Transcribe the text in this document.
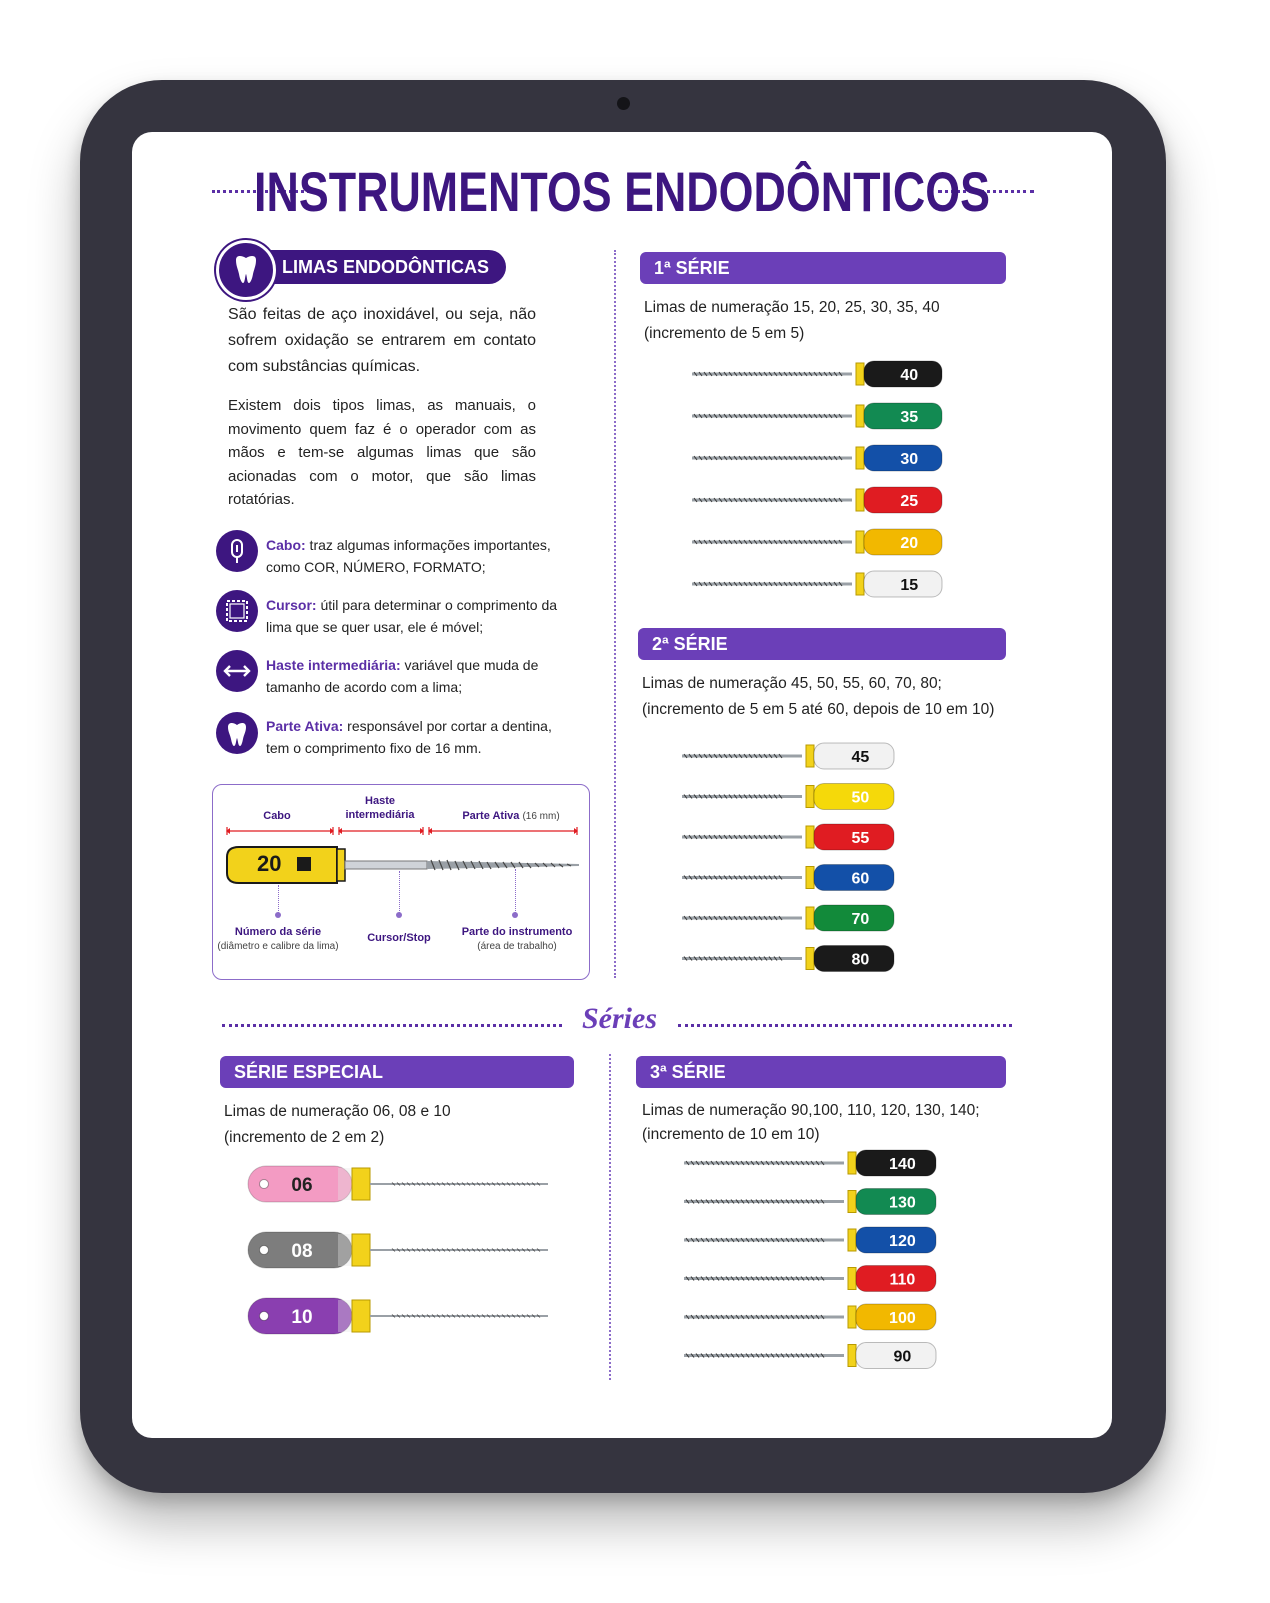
INSTRUMENTOS ENDODÔNTICOS
LIMAS ENDODÔNTICAS
São feitas de aço inoxidável, ou seja, não sofrem oxidação se entrarem em contato com substâncias químicas.
Existem dois tipos limas, as manuais, o movimento quem faz é o operador com as mãos e tem-se algumas limas que são acionadas com o motor, que são limas rotatórias.
Cabo: traz algumas informações importantes, como COR, NÚMERO, FORMATO;
Cursor: útil para determinar o comprimento da lima que se quer usar, ele é móvel;
Haste intermediária: variável que muda de tamanho de acordo com a lima;
Parte Ativa: responsável por cortar a dentina, tem o comprimento fixo de 16 mm.
Cabo
Haste
intermediária	Parte Ativa (16 mm)
20
Número da série
(diâmetro e calibre da lima)
Cursor/Stop	Parte do instrumento
(área de trabalho)
1ª SÉRIE
Limas de numeração 15, 20, 25, 30, 35, 40
(incremento de 5 em 5)
40
35
30
25
20
15
2ª SÉRIE
Limas de numeração 45, 50, 55, 60, 70, 80;
(incremento de 5 em 5 até 60, depois de 10 em 10)
45
50
55
60
70
80
Séries
SÉRIE ESPECIAL
Limas de numeração 06, 08 e 10
(incremento de 2 em 2)
06
08
10
3ª SÉRIE
Limas de numeração 90,100, 110, 120, 130, 140;
(incremento de 10 em 10)
140
130
120
110
100
90
